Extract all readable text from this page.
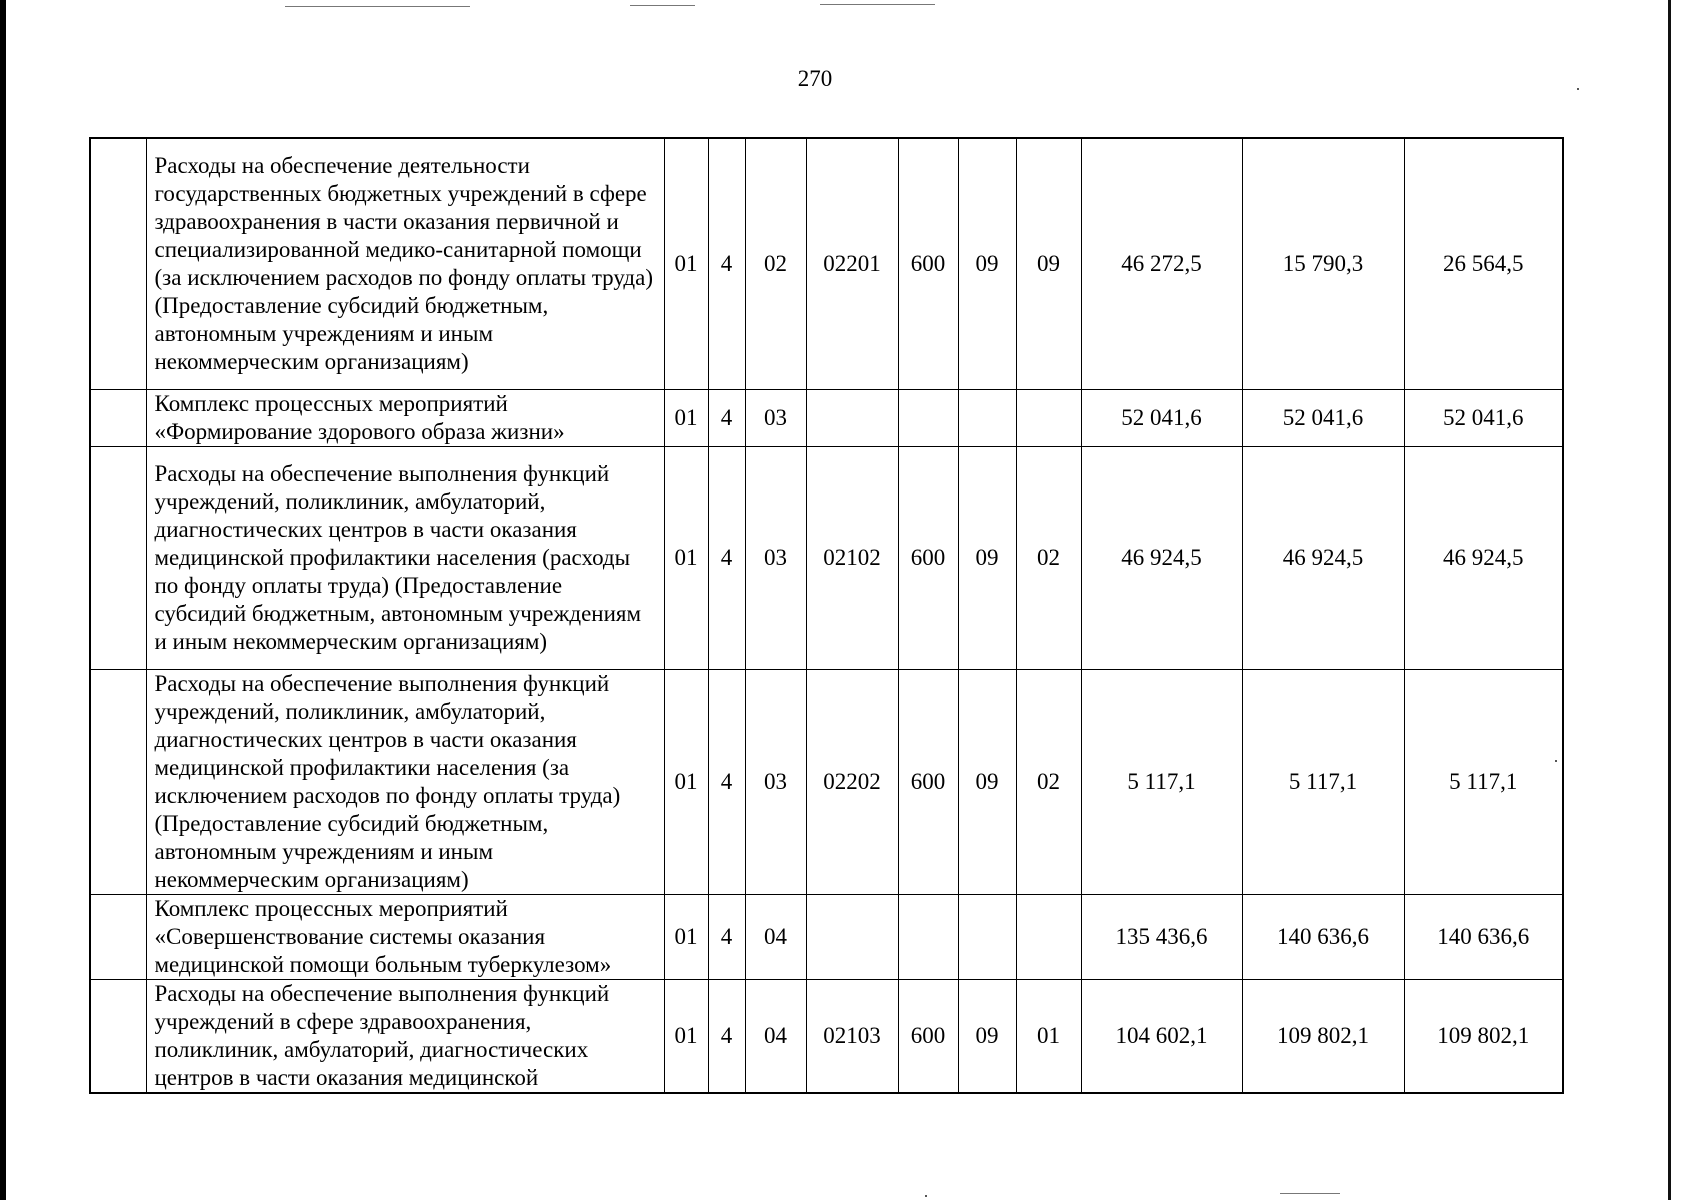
270
	Расходы на обеспечение деятельности государственных бюджетных учреждений в сфере здравоохранения в части оказания первичной и специализированной медико-санитарной помощи (за исключением расходов по фонду оплаты труда) (Предоставление субсидий бюджетным, автономным учреждениям и иным некоммерческим организациям)	01	4	02	02201	600	09	09	46 272,5	15 790,3	26 564,5
	Комплекс процессных мероприятий «Формирование здорового образа жизни»	01	4	03					52 041,6	52 041,6	52 041,6
	Расходы на обеспечение выполнения функций учреждений, поликлиник, амбулаторий, диагностических центров в части оказания медицинской профилактики населения (расходы по фонду оплаты труда) (Предоставление субсидий бюджетным, автономным учреждениям и иным некоммерческим организациям)	01	4	03	02102	600	09	02	46 924,5	46 924,5	46 924,5
	Расходы на обеспечение выполнения функций учреждений, поликлиник, амбулаторий, диагностических центров в части оказания медицинской профилактики населения (за исключением расходов по фонду оплаты труда) (Предоставление субсидий бюджетным, автономным учреждениям и иным некоммерческим организациям)	01	4	03	02202	600	09	02	5 117,1	5 117,1	5 117,1
	Комплекс процессных мероприятий «Совершенствование системы оказания медицинской помощи больным туберкулезом»	01	4	04					135 436,6	140 636,6	140 636,6
	Расходы на обеспечение выполнения функций учреждений в сфере здравоохранения, поликлиник, амбулаторий, диагностических центров в части оказания медицинской	01	4	04	02103	600	09	01	104 602,1	109 802,1	109 802,1
